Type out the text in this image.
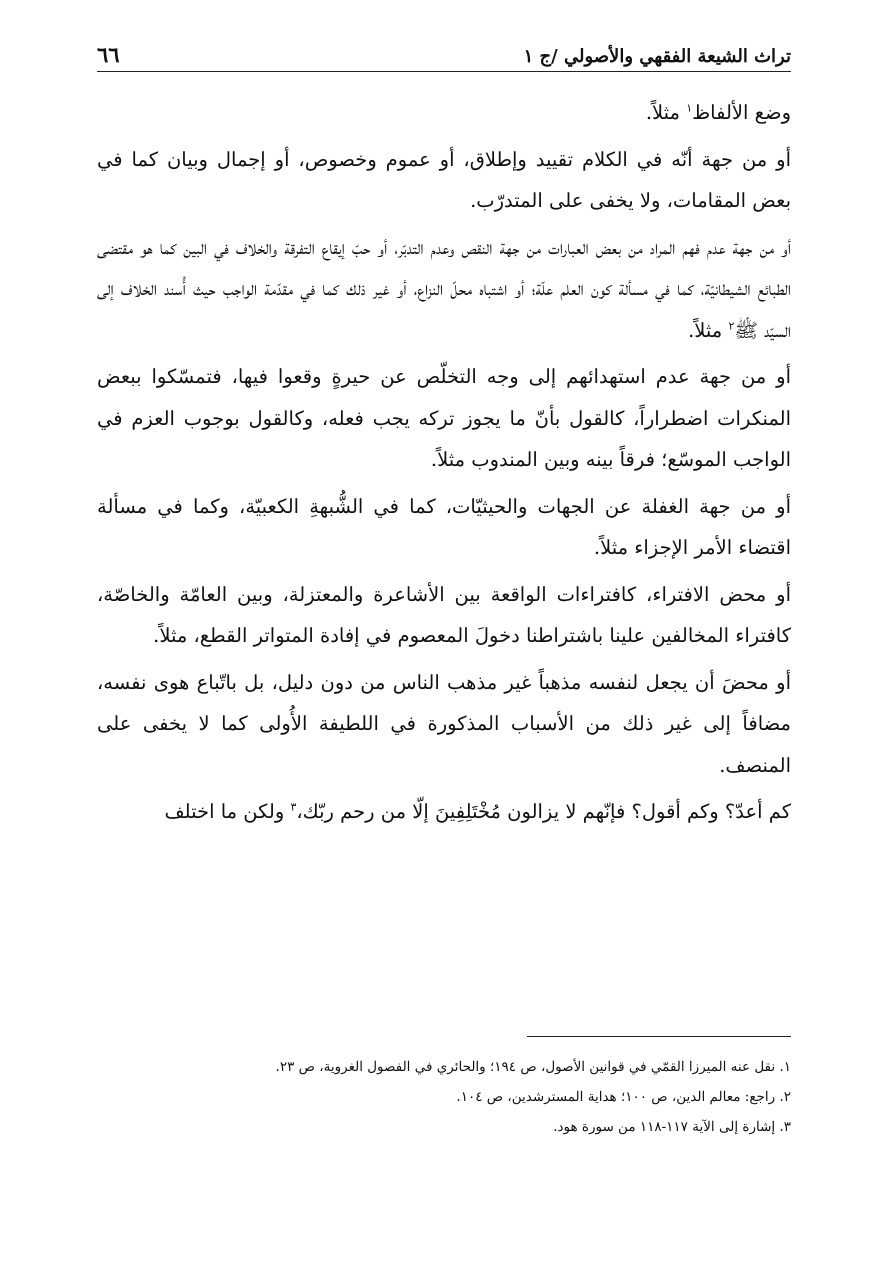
تراث الشيعة الفقهي والأصولي /ج ١
٦٦

وضع الألفاظ$^١$ مثلاً.

أو من جهة أنّه في الكلام تقييد وإطلاق، أو عموم وخصوص، أو إجمال وبيان كما في بعض المقامات، ولا يخفى على المتدرّب.

أو من جهة عدم فهم المراد من بعض العبارات من جهة النقص وعدم التدبّر، أو حبّ إيقاع التفرقة والخلاف في البين كما هو مقتضى الطبائع الشيطانيّة، كما في مسألة كون العلم علّة؛ أو اشتباه محلّ النزاع، أو غير ذلك كما في مقدّمة الواجب حيث أُسند الخلاف إلى السيّد ﷺ$^٢$ مثلاً.

أو من جهة عدم استهدائهم إلى وجه التخلّص عن حيرةٍ وقعوا فيها، فتمسّكوا ببعض المنكرات اضطراراً، كالقول بأنّ ما يجوز تركه يجب فعله، وكالقول بوجوب العزم في الواجب الموسّع؛ فرقاً بينه وبين المندوب مثلاً.

أو من جهة الغفلة عن الجهات والحيثيّات، كما في الشُّبهةِ الكعبيّة، وكما في مسألة اقتضاء الأمر الإجزاء مثلاً.

أو محض الافتراء، كافتراءات الواقعة بين الأشاعرة والمعتزلة، وبين العامّة والخاصّة، كافتراء المخالفين علينا باشتراطنا دخولَ المعصوم في إفادة المتواتر القطع، مثلاً.

أو محضَ أن يجعل لنفسه مذهباً غير مذهب الناس من دون دليل، بل باتّباع هوى نفسه، مضافاً إلى غير ذلك من الأسباب المذكورة في اللطيفة الأُولى كما لا يخفى على المنصف.

كم أعدّ؟ وكم أقول؟ فإنّهم لا يزالون مُخْتَلِفِينَ إلّا من رحم ربّك،$^٣$ ولكن ما اختلف

١. نقل عنه الميرزا القمّي في قوانين الأصول، ص ١٩٤؛ والحائري في الفصول الغروية، ص ٢٣.
٢. راجع: معالم الدين، ص ١٠٠؛ هداية المسترشدين، ص ١٠٤.
٣. إشارة إلى الآية ١١٧-١١٨ من سورة هود.
